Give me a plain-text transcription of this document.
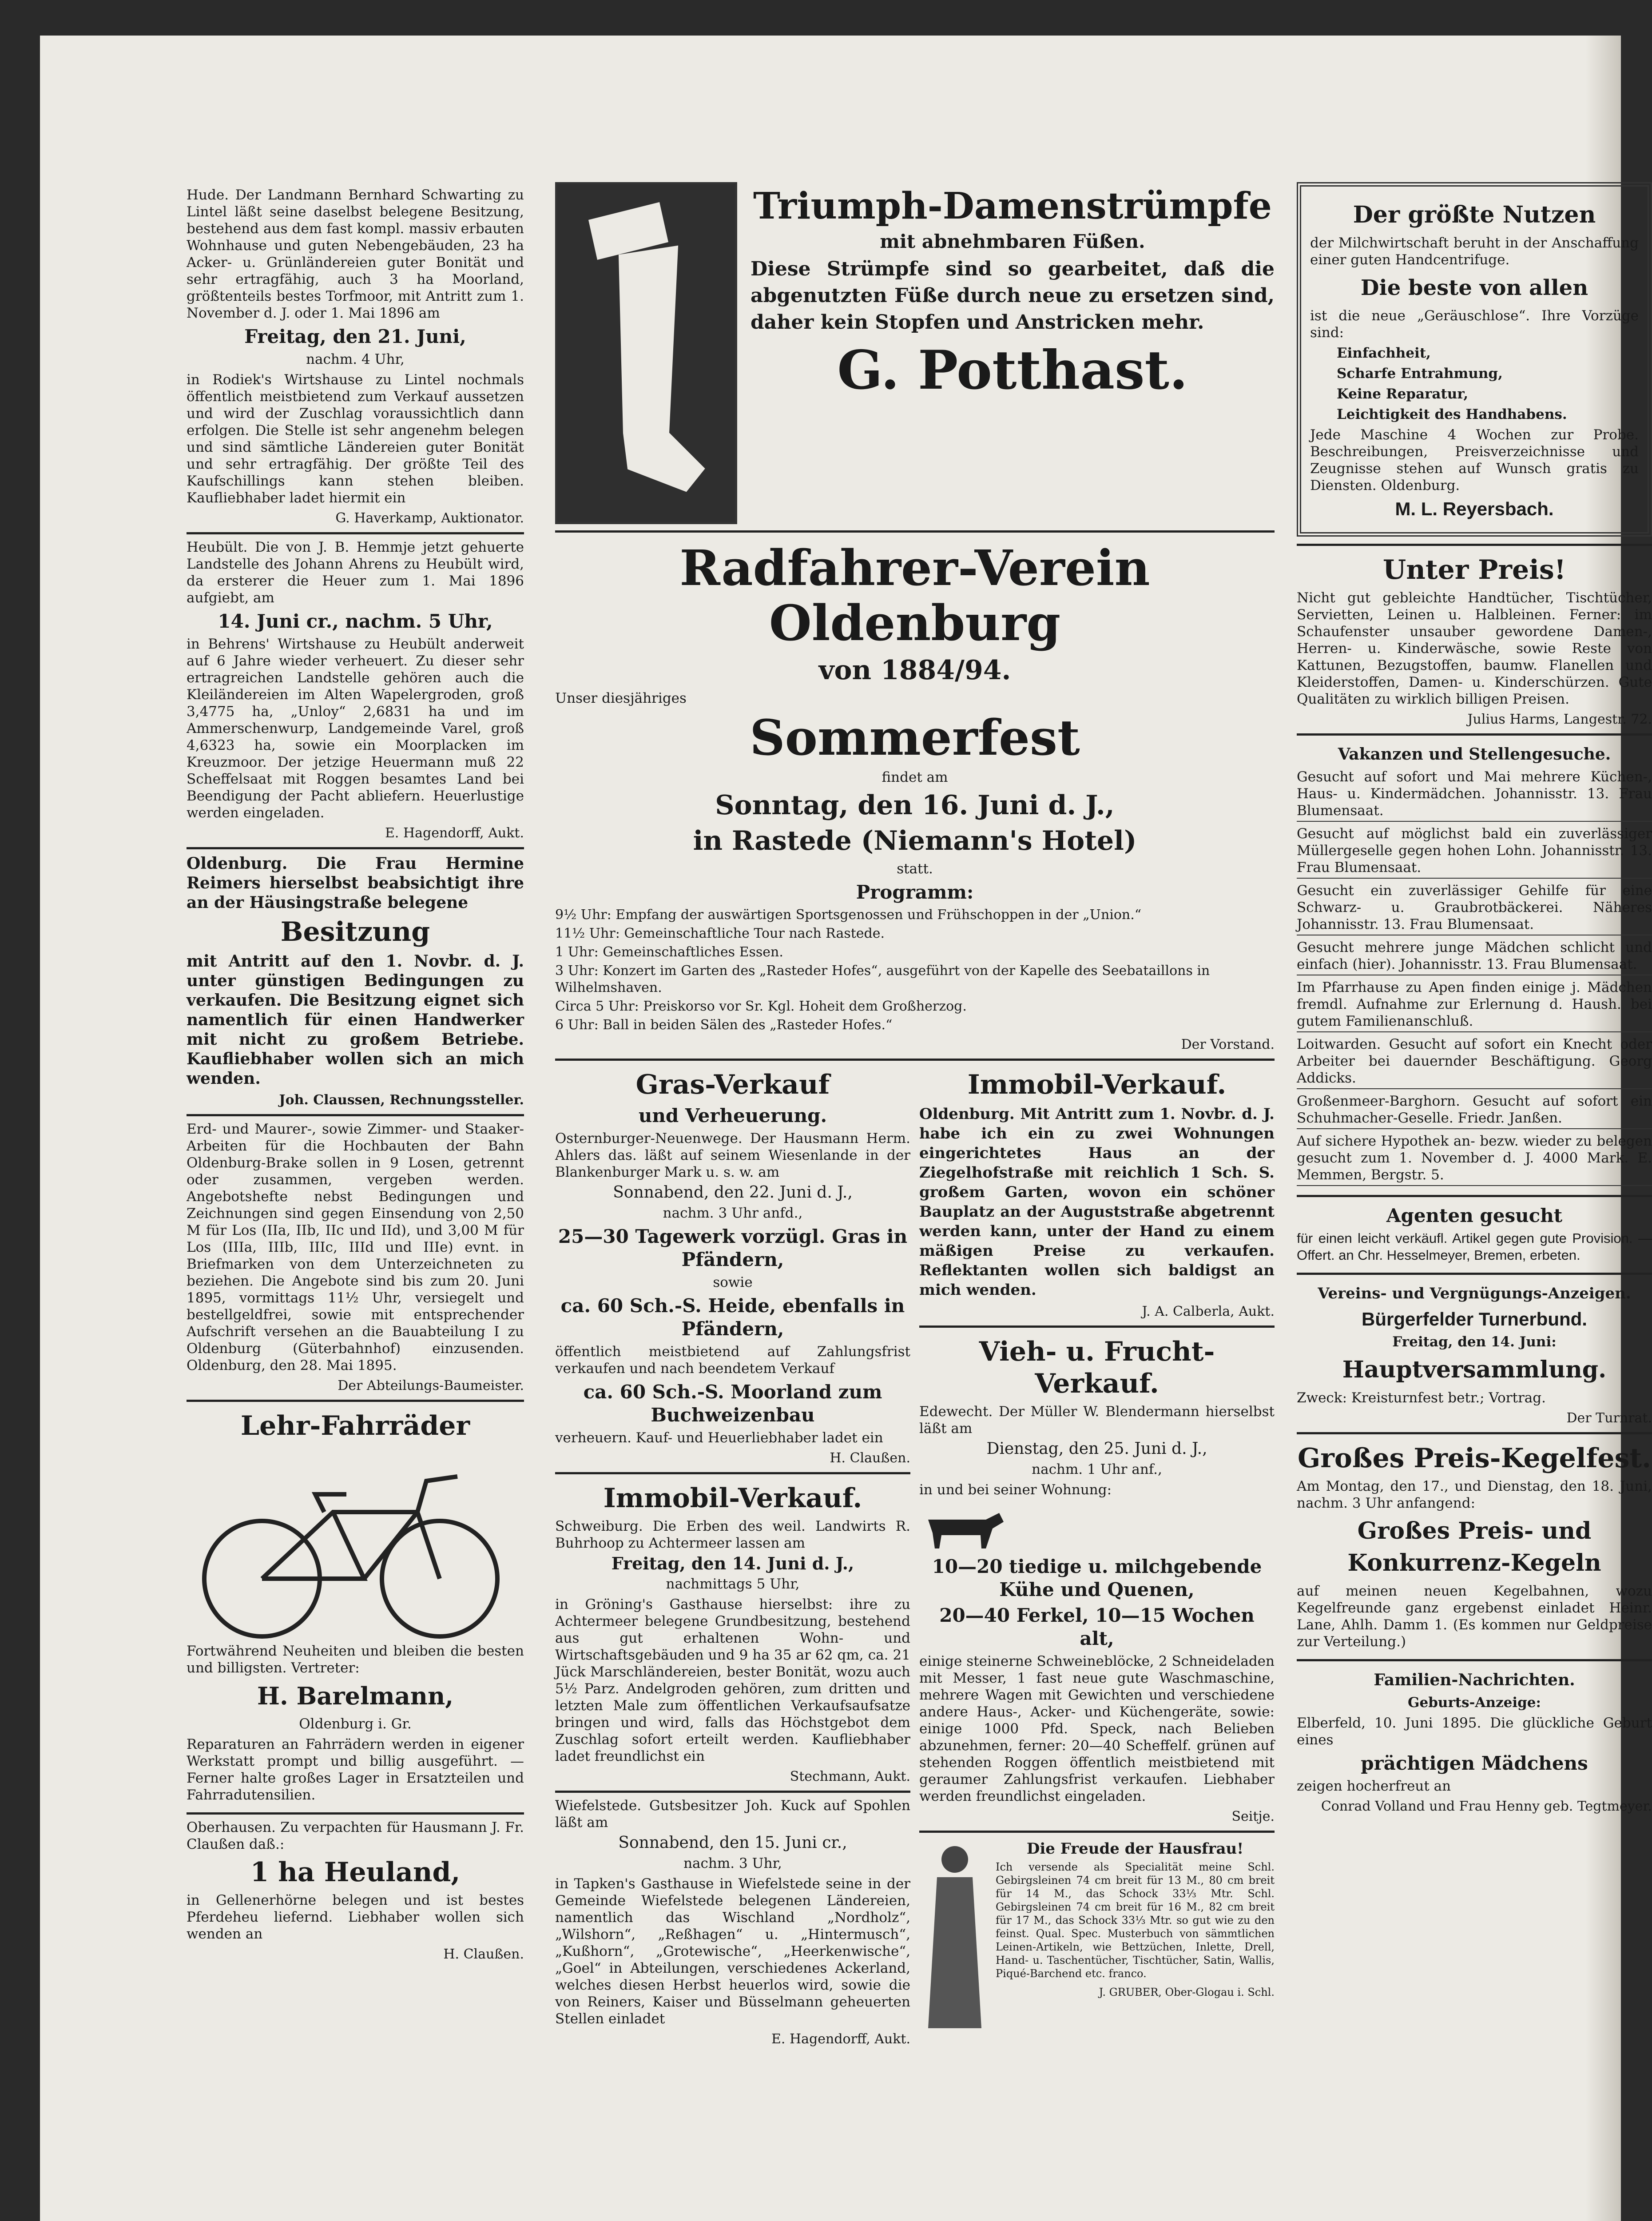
Hude. Der Landmann Bernhard Schwarting zu Lintel läßt seine daselbst belegene Besitzung, bestehend aus dem fast kompl. massiv erbauten Wohnhause und guten Nebengebäuden, 23 ha Acker- u. Grünländereien guter Bonität und sehr ertragfähig, auch 3 ha Moorland, größtenteils bestes Torfmoor, mit Antritt zum 1. November d. J. oder 1. Mai 1896 am

Freitag, den 21. Juni,

nachm. 4 Uhr,

in Rodiek's Wirtshause zu Lintel nochmals öffentlich meistbietend zum Verkauf aussetzen und wird der Zuschlag voraussichtlich dann erfolgen. Die Stelle ist sehr angenehm belegen und sind sämtliche Ländereien guter Bonität und sehr ertragfähig. Der größte Teil des Kaufschillings kann stehen bleiben. Kaufliebhaber ladet hiermit ein

G. Haverkamp, Auktionator.

Heubült. Die von J. B. Hemmje jetzt gehuerte Landstelle des Johann Ahrens zu Heubült wird, da ersterer die Heuer zum 1. Mai 1896 aufgiebt, am

14. Juni cr., nachm. 5 Uhr,

in Behrens' Wirtshause zu Heubült anderweit auf 6 Jahre wieder verheuert. Zu dieser sehr ertragreichen Landstelle gehören auch die Kleiländereien im Alten Wapelergroden, groß 3,4775 ha, „Unloy“ 2,6831 ha und im Ammerschenwurp, Landgemeinde Varel, groß 4,6323 ha, sowie ein Moorplacken im Kreuzmoor. Der jetzige Heuermann muß 22 Scheffelsaat mit Roggen besamtes Land bei Beendigung der Pacht abliefern. Heuerlustige werden eingeladen.

E. Hagendorff, Aukt.

Oldenburg. Die Frau Hermine Reimers hierselbst beabsichtigt ihre an der Häusingstraße belegene

Besitzung

mit Antritt auf den 1. Novbr. d. J. unter günstigen Bedingungen zu verkaufen. Die Besitzung eignet sich namentlich für einen Handwerker mit nicht zu großem Betriebe. Kaufliebhaber wollen sich an mich wenden.

Joh. Claussen, Rechnungssteller.

Erd- und Maurer-, sowie Zimmer- und Staaker-Arbeiten für die Hochbauten der Bahn Oldenburg-Brake sollen in 9 Losen, getrennt oder zusammen, vergeben werden. Angebotshefte nebst Bedingungen und Zeichnungen sind gegen Einsendung von 2,50 M für Los (IIa, IIb, IIc und IId), und 3,00 M für Los (IIIa, IIIb, IIIc, IIId und IIIe) evnt. in Briefmarken von dem Unterzeichneten zu beziehen. Die Angebote sind bis zum 20. Juni 1895, vormittags 11½ Uhr, versiegelt und bestellgeldfrei, sowie mit entsprechender Aufschrift versehen an die Bauabteilung I zu Oldenburg (Güterbahnhof) einzusenden. Oldenburg, den 28. Mai 1895.

Der Abteilungs-Baumeister.

Lehr-Fahrräder

Fortwährend Neuheiten und bleiben die besten und billigsten. Vertreter:

H. Barelmann,

Oldenburg i. Gr.

Reparaturen an Fahrrädern werden in eigener Werkstatt prompt und billig ausgeführt. — Ferner halte großes Lager in Ersatzteilen und Fahrradutensilien.

Oberhausen. Zu verpachten für Hausmann J. Fr. Claußen daß.:

1 ha Heuland,

in Gellenerhörne belegen und ist bestes Pferdeheu liefernd. Liebhaber wollen sich wenden an

H. Claußen.

Triumph-Damenstrümpfe
mit abnehmbaren Füßen.

Diese Strümpfe sind so gearbeitet, daß die abgenutzten Füße durch neue zu ersetzen sind, daher kein Stopfen und Anstricken mehr.

G. Potthast.
Radfahrer-Verein Oldenburg
von 1884/94.

Unser diesjähriges

Sommerfest

findet am

Sonntag, den 16. Juni d. J.,
in Rastede (Niemann's Hotel)

statt.

Programm:

9½ Uhr: Empfang der auswärtigen Sportsgenossen und Frühschoppen in der „Union.“

11½ Uhr: Gemeinschaftliche Tour nach Rastede.

1 Uhr: Gemeinschaftliches Essen.

3 Uhr: Konzert im Garten des „Rasteder Hofes“, ausgeführt von der Kapelle des Seebataillons in Wilhelmshaven.

Circa 5 Uhr: Preiskorso vor Sr. Kgl. Hoheit dem Großherzog.

6 Uhr: Ball in beiden Sälen des „Rasteder Hofes.“

Der Vorstand.

Gras-Verkauf
und Verheuerung.

Osternburger-Neuenwege. Der Hausmann Herm. Ahlers das. läßt auf seinem Wiesenlande in der Blankenburger Mark u. s. w. am

Sonnabend, den 22. Juni d. J.,

nachm. 3 Uhr anfd.,

25—30 Tagewerk vorzügl. Gras in Pfändern,

sowie

ca. 60 Sch.-S. Heide, ebenfalls in Pfändern,

öffentlich meistbietend auf Zahlungsfrist verkaufen und nach beendetem Verkauf

ca. 60 Sch.-S. Moorland zum Buchweizenbau

verheuern. Kauf- und Heuerliebhaber ladet ein

H. Claußen.

Immobil-Verkauf.

Schweiburg. Die Erben des weil. Landwirts R. Buhrhoop zu Achtermeer lassen am

Freitag, den 14. Juni d. J.,

nachmittags 5 Uhr,

in Gröning's Gasthause hierselbst: ihre zu Achtermeer belegene Grundbesitzung, bestehend aus gut erhaltenen Wohn- und Wirtschaftsgebäuden und 9 ha 35 ar 62 qm, ca. 21 Jück Marschländereien, bester Bonität, wozu auch 5½ Parz. Andelgroden gehören, zum dritten und letzten Male zum öffentlichen Verkaufsaufsatze bringen und wird, falls das Höchstgebot dem Zuschlag sofort erteilt werden. Kaufliebhaber ladet freundlichst ein

Stechmann, Aukt.

Wiefelstede. Gutsbesitzer Joh. Kuck auf Spohlen läßt am

Sonnabend, den 15. Juni cr.,

nachm. 3 Uhr,

in Tapken's Gasthause in Wiefelstede seine in der Gemeinde Wiefelstede belegenen Ländereien, namentlich das Wischland „Nordholz“, „Wilshorn“, „Reßhagen“ u. „Hintermusch“, „Kußhorn“, „Grotewische“, „Heerkenwische“, „Goel“ in Abteilungen, verschiedenes Ackerland, welches diesen Herbst heuerlos wird, sowie die von Reiners, Kaiser und Büsselmann geheuerten Stellen einladet

E. Hagendorff, Aukt.

Immobil-Verkauf.

Oldenburg. Mit Antritt zum 1. Novbr. d. J. habe ich ein zu zwei Wohnungen eingerichtetes Haus an der Ziegelhofstraße mit reichlich 1 Sch. S. großem Garten, wovon ein schöner Bauplatz an der Auguststraße abgetrennt werden kann, unter der Hand zu einem mäßigen Preise zu verkaufen. Reflektanten wollen sich baldigst an mich wenden.

J. A. Calberla, Aukt.

Vieh- u. Frucht-Verkauf.

Edewecht. Der Müller W. Blendermann hierselbst läßt am

Dienstag, den 25. Juni d. J.,

nachm. 1 Uhr anf.,

in und bei seiner Wohnung:

10—20 tiedige u. milchgebende Kühe und Quenen,
20—40 Ferkel, 10—15 Wochen alt,

einige steinerne Schweineblöcke, 2 Schneideladen mit Messer, 1 fast neue gute Waschmaschine, mehrere Wagen mit Gewichten und verschiedene andere Haus-, Acker- und Küchengeräte, sowie: einige 1000 Pfd. Speck, nach Belieben abzunehmen, ferner: 20—40 Scheffelf. grünen auf stehenden Roggen öffentlich meistbietend mit geraumer Zahlungsfrist verkaufen. Liebhaber werden freundlichst eingeladen.

Seitje.

Die Freude der Hausfrau!

Ich versende als Specialität meine Schl. Gebirgsleinen 74 cm breit für 13 M., 80 cm breit für 14 M., das Schock 33⅓ Mtr. Schl. Gebirgsleinen 74 cm breit für 16 M., 82 cm breit für 17 M., das Schock 33⅓ Mtr. so gut wie zu den feinst. Qual. Spec. Musterbuch von sämmtlichen Leinen-Artikeln, wie Bettzüchen, Inlette, Drell, Hand- u. Taschentücher, Tischtücher, Satin, Wallis, Piqué-Barchend etc. franco.

J. GRUBER, Ober-Glogau i. Schl.

Der größte Nutzen

der Milchwirtschaft beruht in der Anschaffung einer guten Handcentrifuge.

Die beste von allen

ist die neue „Geräuschlose“. Ihre Vorzüge sind:

Einfachheit,

Scharfe Entrahmung,

Keine Reparatur,

Leichtigkeit des Handhabens.

Jede Maschine 4 Wochen zur Probe. Beschreibungen, Preisverzeichnisse und Zeugnisse stehen auf Wunsch gratis zu Diensten. Oldenburg.

M. L. Reyersbach.
Unter Preis!

Nicht gut gebleichte Handtücher, Tischtücher, Servietten, Leinen u. Halbleinen. Ferner: im Schaufenster unsauber gewordene Damen-, Herren- u. Kinderwäsche, sowie Reste von Kattunen, Bezugstoffen, baumw. Flanellen und Kleiderstoffen, Damen- u. Kinderschürzen. Gute Qualitäten zu wirklich billigen Preisen.

Julius Harms, Langestr. 72.

Vakanzen und Stellengesuche.

Gesucht auf sofort und Mai mehrere Küchen-, Haus- u. Kindermädchen. Johannisstr. 13. Frau Blumensaat.

Gesucht auf möglichst bald ein zuverlässiger Müllergeselle gegen hohen Lohn. Johannisstr. 13. Frau Blumensaat.

Gesucht ein zuverlässiger Gehilfe für eine Schwarz- u. Graubrotbäckerei. Näheres Johannisstr. 13. Frau Blumensaat.

Gesucht mehrere junge Mädchen schlicht und einfach (hier). Johannisstr. 13. Frau Blumensaat.

Im Pfarrhause zu Apen finden einige j. Mädchen fremdl. Aufnahme zur Erlernung d. Haush. bei gutem Familienanschluß.

Loitwarden. Gesucht auf sofort ein Knecht oder Arbeiter bei dauernder Beschäftigung. Georg Addicks.

Großenmeer-Barghorn. Gesucht auf sofort ein Schuhmacher-Geselle. Friedr. Janßen.

Auf sichere Hypothek an- bezw. wieder zu belegen gesucht zum 1. November d. J. 4000 Mark. E. Memmen, Bergstr. 5.

Agenten gesucht

für einen leicht verkäufl. Artikel gegen gute Provision. — Offert. an Chr. Hesselmeyer, Bremen, erbeten.

Vereins- und Vergnügungs-Anzeigen.
Bürgerfelder Turnerbund.

Freitag, den 14. Juni:

Hauptversammlung.

Zweck: Kreisturnfest betr.; Vortrag.

Der Turnrat.

Großes Preis-Kegelfest.

Am Montag, den 17., und Dienstag, den 18. Juni, nachm. 3 Uhr anfangend:

Großes Preis- und Konkurrenz-Kegeln

auf meinen neuen Kegelbahnen, wozu Kegelfreunde ganz ergebenst einladet Heinr. Lane, Ahlh. Damm 1. (Es kommen nur Geldpreise zur Verteilung.)

Familien-Nachrichten.

Geburts-Anzeige:

Elberfeld, 10. Juni 1895. Die glückliche Geburt eines

prächtigen Mädchens

zeigen hocherfreut an

Conrad Volland und Frau Henny geb. Tegtmeyer.
